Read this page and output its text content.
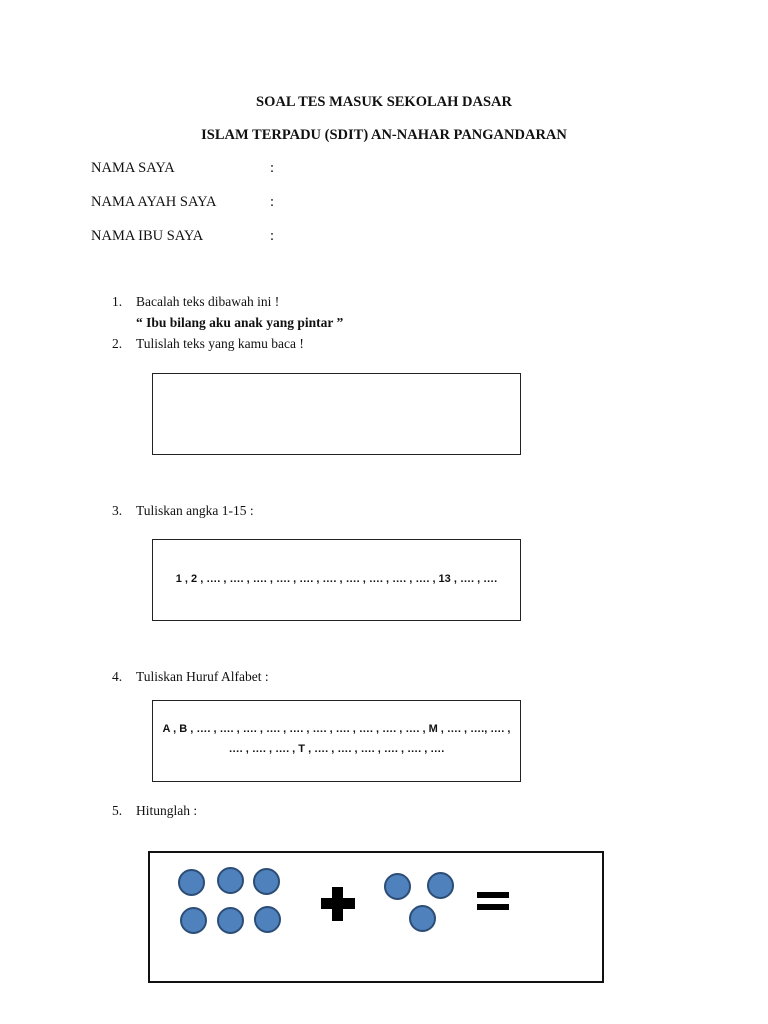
SOAL TES MASUK SEKOLAH DASAR
ISLAM TERPADU (SDIT) AN-NAHAR PANGANDARAN
NAMA SAYA	:
NAMA AYAH SAYA	:
NAMA IBU SAYA	:
1. Bacalah teks dibawah ini !
“ Ibu bilang aku anak yang pintar ”
2. Tulislah teks yang kamu baca !
3. Tuliskan angka 1-15 :
1 , 2 , …. , …. , …. , …. , …. , …. , …. , …. , …. , …. , 13 , …. , ….
4. Tuliskan Huruf Alfabet :
A , B , …. , …. , …. , …. , …. , …. , …. , …. , …. , …. , M , …. , …., …. ,
…. , …. , …. , T , …. , …. , …. , …. , …. , ….
5. Hitunglah :
